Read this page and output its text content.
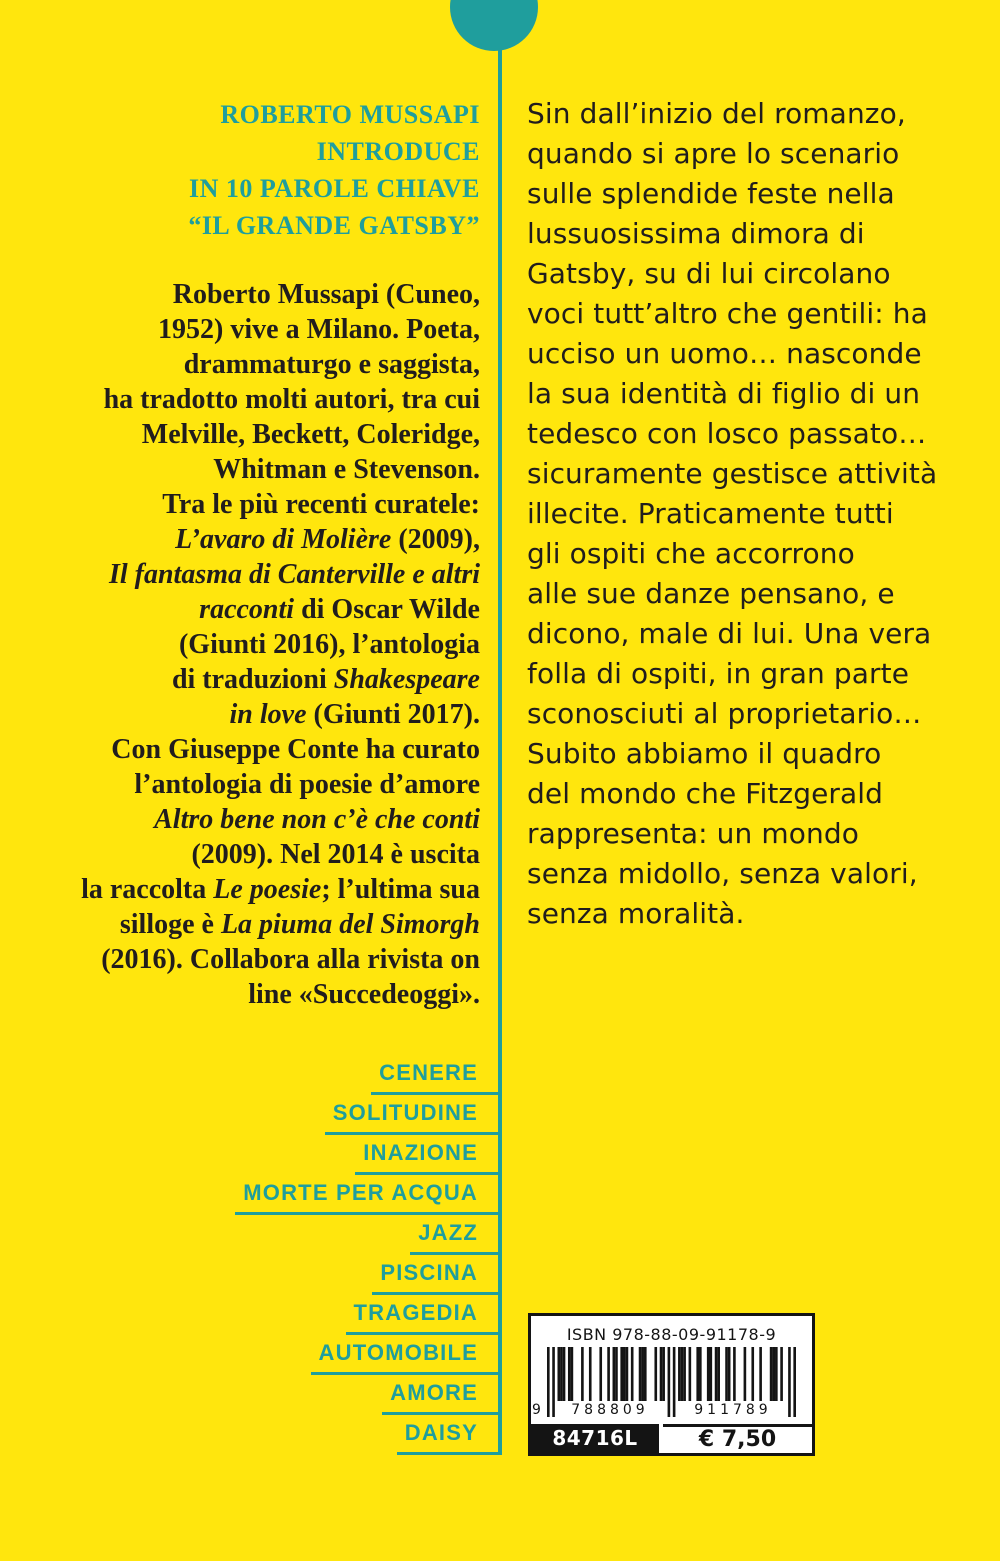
ROBERTO MUSSAPI
INTRODUCE
IN 10 PAROLE CHIAVE
“IL GRANDE GATSBY”
Roberto Mussapi (Cuneo,
1952) vive a Milano. Poeta,
drammaturgo e saggista,
ha tradotto molti autori, tra cui
Melville, Beckett, Coleridge,
Whitman e Stevenson.
Tra le più recenti curatele:
L’avaro di Molière (2009),
Il fantasma di Canterville e altri
racconti di Oscar Wilde
(Giunti 2016), l’antologia
di traduzioni Shakespeare
in love (Giunti 2017).
Con Giuseppe Conte ha curato
l’antologia di poesie d’amore
Altro bene non c’è che conti
(2009). Nel 2014 è uscita
la raccolta Le poesie; l’ultima sua
silloge è La piuma del Simorgh
(2016). Collabora alla rivista on
line «Succedeoggi».
Sin dall’inizio del romanzo,
quando si apre lo scenario
sulle splendide feste nella
lussuosissima dimora di
Gatsby, su di lui circolano
voci tutt’altro che gentili: ha
ucciso un uomo… nasconde
la sua identità di figlio di un
tedesco con losco passato…
sicuramente gestisce attività
illecite. Praticamente tutti
gli ospiti che accorrono
alle sue danze pensano, e
dicono, male di lui. Una vera
folla di ospiti, in gran parte
sconosciuti al proprietario…
Subito abbiamo il quadro
del mondo che Fitzgerald
rappresenta: un mondo
senza midollo, senza valori,
senza moralità.
CENERE
SOLITUDINE
INAZIONE
MORTE PER ACQUA
JAZZ
PISCINA
TRAGEDIA
AUTOMOBILE
AMORE
DAISY
ISBN 978-88-09-91178-9
9	788809	911789
84716L	€ 7,50
